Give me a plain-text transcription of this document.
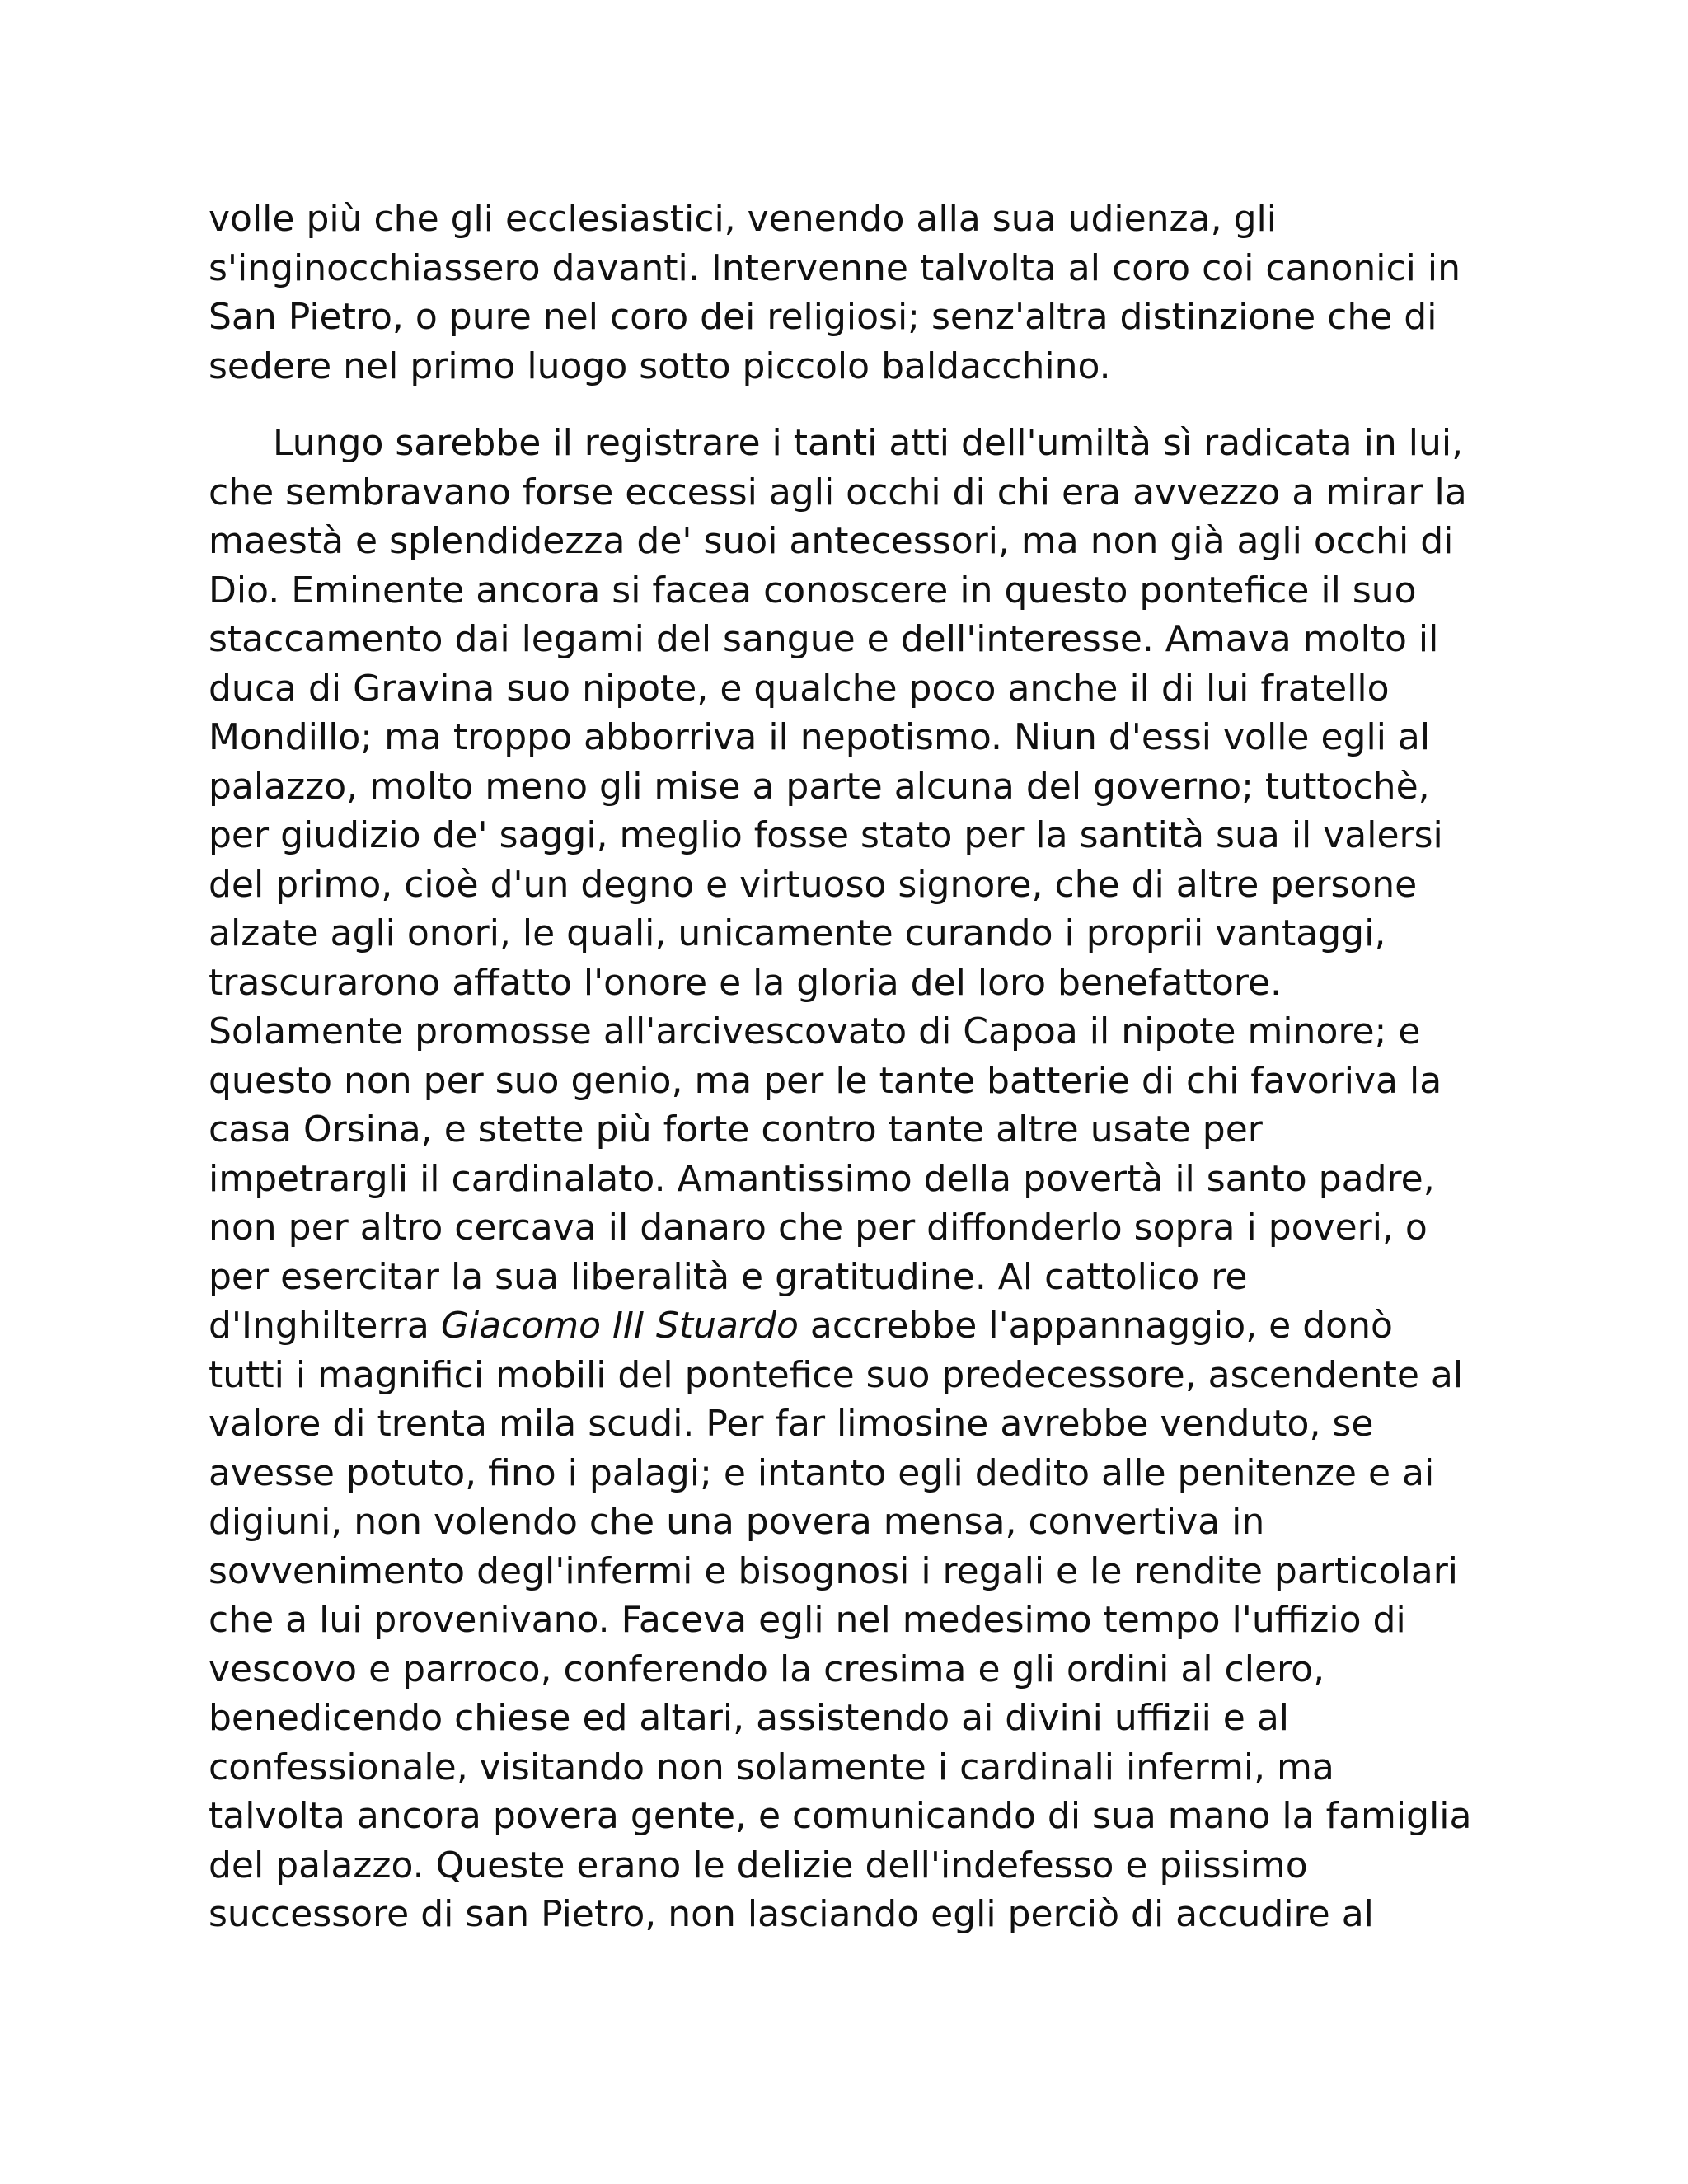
volle più che gli ecclesiastici, venendo alla sua udienza, gli
s'inginocchiassero davanti. Intervenne talvolta al coro coi canonici in
San Pietro, o pure nel coro dei religiosi; senz'altra distinzione che di
sedere nel primo luogo sotto piccolo baldacchino.
Lungo sarebbe il registrare i tanti atti dell'umiltà sì radicata in lui,
che sembravano forse eccessi agli occhi di chi era avvezzo a mirar la
maestà e splendidezza de' suoi antecessori, ma non già agli occhi di
Dio. Eminente ancora si facea conoscere in questo pontefice il suo
staccamento dai legami del sangue e dell'interesse. Amava molto il
duca di Gravina suo nipote, e qualche poco anche il di lui fratello
Mondillo; ma troppo abborriva il nepotismo. Niun d'essi volle egli al
palazzo, molto meno gli mise a parte alcuna del governo; tuttochè,
per giudizio de' saggi, meglio fosse stato per la santità sua il valersi
del primo, cioè d'un degno e virtuoso signore, che di altre persone
alzate agli onori, le quali, unicamente curando i proprii vantaggi,
trascurarono affatto l'onore e la gloria del loro benefattore.
Solamente promosse all'arcivescovato di Capoa il nipote minore; e
questo non per suo genio, ma per le tante batterie di chi favoriva la
casa Orsina, e stette più forte contro tante altre usate per
impetrargli il cardinalato. Amantissimo della povertà il santo padre,
non per altro cercava il danaro che per diffonderlo sopra i poveri, o
per esercitar la sua liberalità e gratitudine. Al cattolico re
d'Inghilterra Giacomo III Stuardo accrebbe l'appannaggio, e donò
tutti i magnifici mobili del pontefice suo predecessore, ascendente al
valore di trenta mila scudi. Per far limosine avrebbe venduto, se
avesse potuto, fino i palagi; e intanto egli dedito alle penitenze e ai
digiuni, non volendo che una povera mensa, convertiva in
sovvenimento degl'infermi e bisognosi i regali e le rendite particolari
che a lui provenivano. Faceva egli nel medesimo tempo l'uffizio di
vescovo e parroco, conferendo la cresima e gli ordini al clero,
benedicendo chiese ed altari, assistendo ai divini uffizii e al
confessionale, visitando non solamente i cardinali infermi, ma
talvolta ancora povera gente, e comunicando di sua mano la famiglia
del palazzo. Queste erano le delizie dell'indefesso e piissimo
successore di san Pietro, non lasciando egli perciò di accudire al
